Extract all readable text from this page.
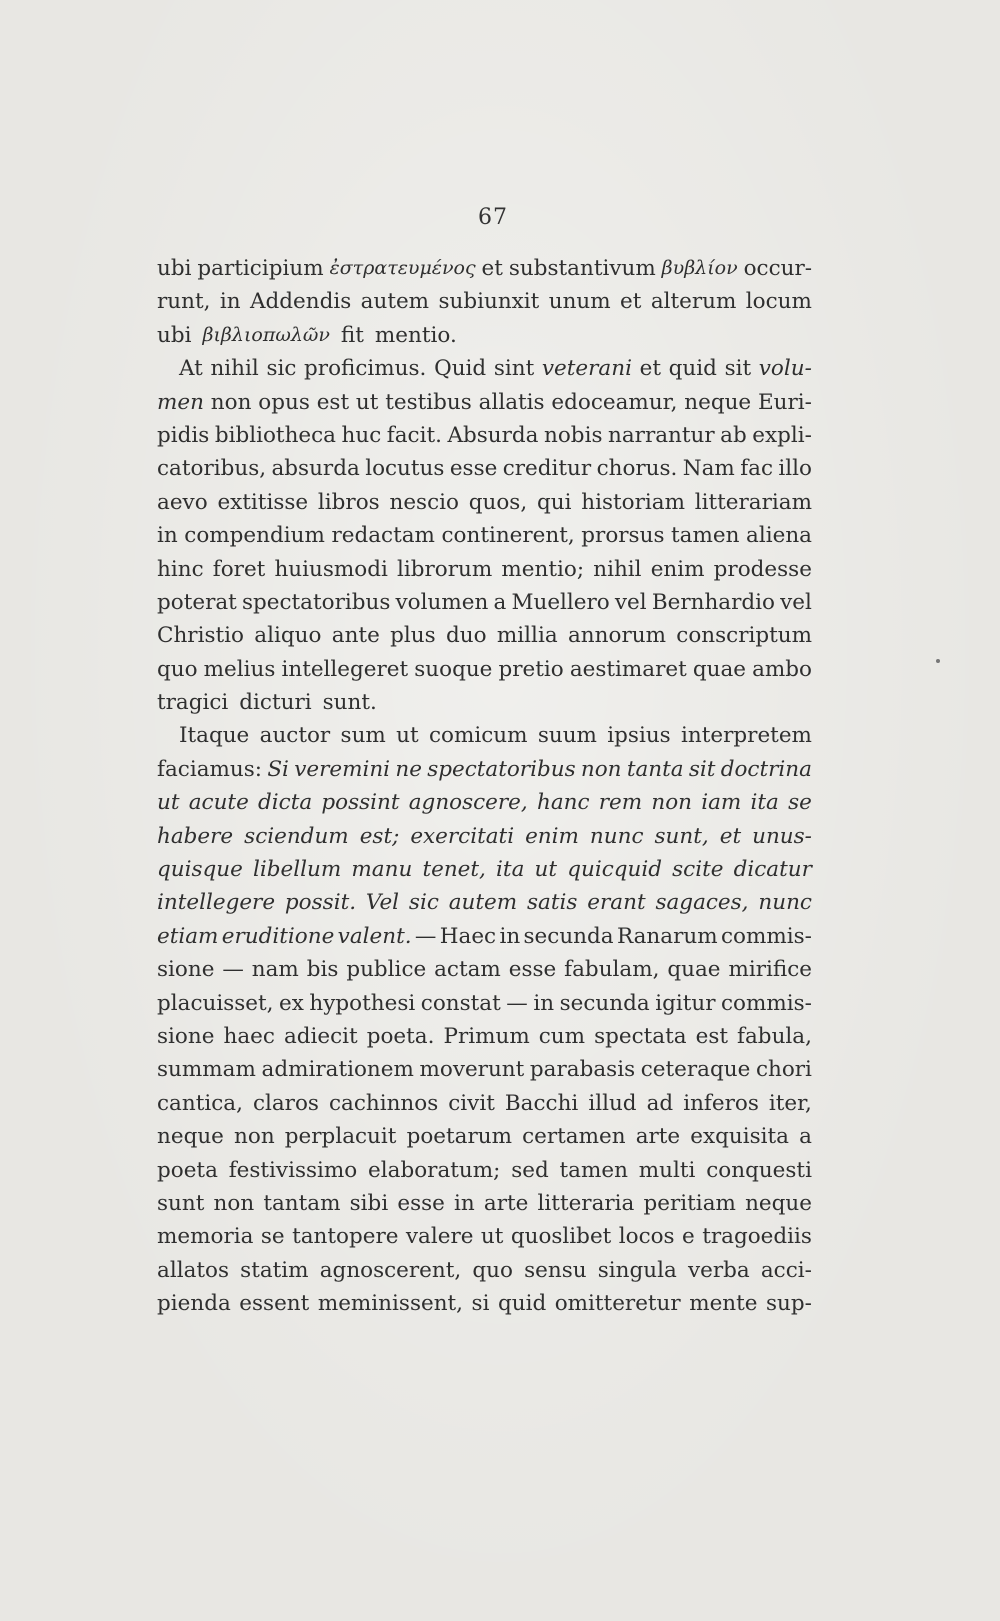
67
ubi participium ἐστρατευμένος et substantivum βυβλίον occur-
runt, in Addendis autem subiunxit unum et alterum locum
ubi βιβλιοπωλῶν fit mentio.
At nihil sic proficimus. Quid sint veterani et quid sit volu-
men non opus est ut testibus allatis edoceamur, neque Euri-
pidis bibliotheca huc facit. Absurda nobis narrantur ab expli-
catoribus, absurda locutus esse creditur chorus. Nam fac illo
aevo extitisse libros nescio quos, qui historiam litterariam
in compendium redactam continerent, prorsus tamen aliena
hinc foret huiusmodi librorum mentio; nihil enim prodesse
poterat spectatoribus volumen a Muellero vel Bernhardio vel
Christio aliquo ante plus duo millia annorum conscriptum
quo melius intellegeret suoque pretio aestimaret quae ambo
tragici dicturi sunt.
Itaque auctor sum ut comicum suum ipsius interpretem
faciamus: Si veremini ne spectatoribus non tanta sit doctrina
ut acute dicta possint agnoscere, hanc rem non iam ita se
habere sciendum est; exercitati enim nunc sunt, et unus-
quisque libellum manu tenet, ita ut quicquid scite dicatur
intellegere possit. Vel sic autem satis erant sagaces, nunc
etiam eruditione valent. — Haec in secunda Ranarum commis-
sione — nam bis publice actam esse fabulam, quae mirifice
placuisset, ex hypothesi constat — in secunda igitur commis-
sione haec adiecit poeta. Primum cum spectata est fabula,
summam admirationem moverunt parabasis ceteraque chori
cantica, claros cachinnos civit Bacchi illud ad inferos iter,
neque non perplacuit poetarum certamen arte exquisita a
poeta festivissimo elaboratum; sed tamen multi conquesti
sunt non tantam sibi esse in arte litteraria peritiam neque
memoria se tantopere valere ut quoslibet locos e tragoediis
allatos statim agnoscerent, quo sensu singula verba acci-
pienda essent meminissent, si quid omitteretur mente sup-
